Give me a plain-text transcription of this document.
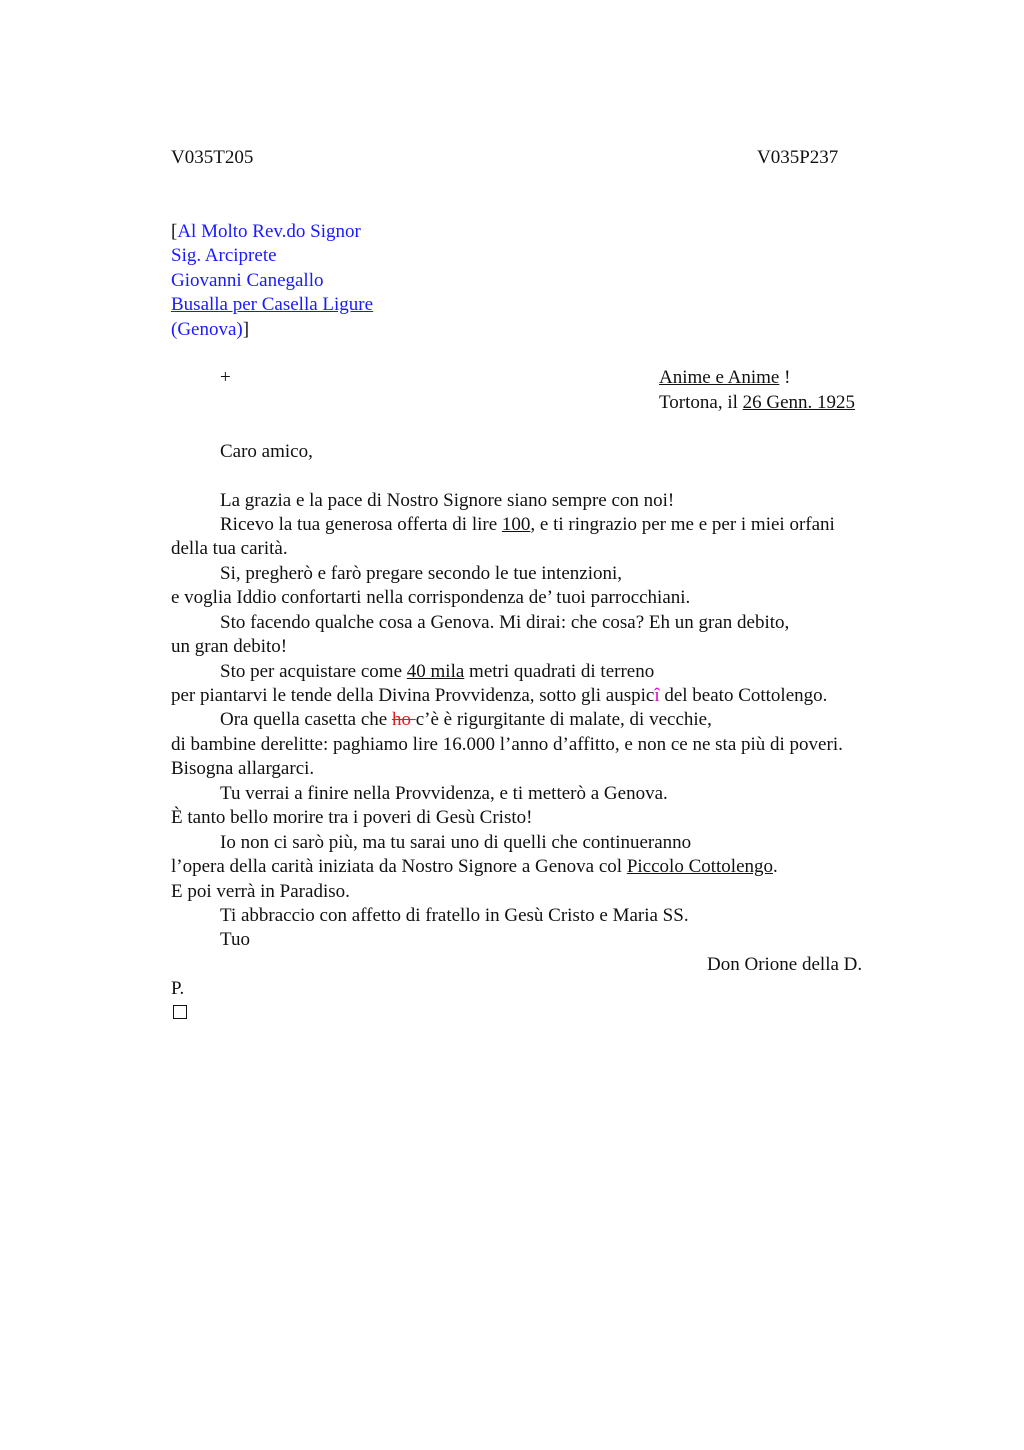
V035T205	V035P237
[Al Molto Rev.do Signor
Sig. Arciprete
Giovanni Canegallo
Busalla per Casella Ligure
(Genova)]
+	Anime e Anime !
Tortona, il 26 Genn. 1925
Caro amico,
La grazia e la pace di Nostro Signore siano sempre con noi!
Ricevo la tua generosa offerta di lire 100, e ti ringrazio per me e per i miei orfani
della tua carità.
Si, pregherò e farò pregare secondo le tue intenzioni,
e voglia Iddio confortarti nella corrispondenza de’ tuoi parrocchiani.
Sto facendo qualche cosa a Genova. Mi dirai: che cosa? Eh un gran debito,
un gran debito!
Sto per acquistare come 40 mila metri quadrati di terreno
per piantarvi le tende della Divina Provvidenza, sotto gli auspicî del beato Cottolengo.
Ora quella casetta che ho c’è è rigurgitante di malate, di vecchie,
di bambine derelitte: paghiamo lire 16.000 l’anno d’affitto, e non ce ne sta più di poveri.
Bisogna allargarci.
Tu verrai a finire nella Provvidenza, e ti metterò a Genova.
È tanto bello morire tra i poveri di Gesù Cristo!
Io non ci sarò più, ma tu sarai uno di quelli che continueranno
l’opera della carità iniziata da Nostro Signore a Genova col Piccolo Cottolengo.
E poi verrà in Paradiso.
Ti abbraccio con affetto di fratello in Gesù Cristo e Maria SS.
Tuo
Don Orione della D.
P.
